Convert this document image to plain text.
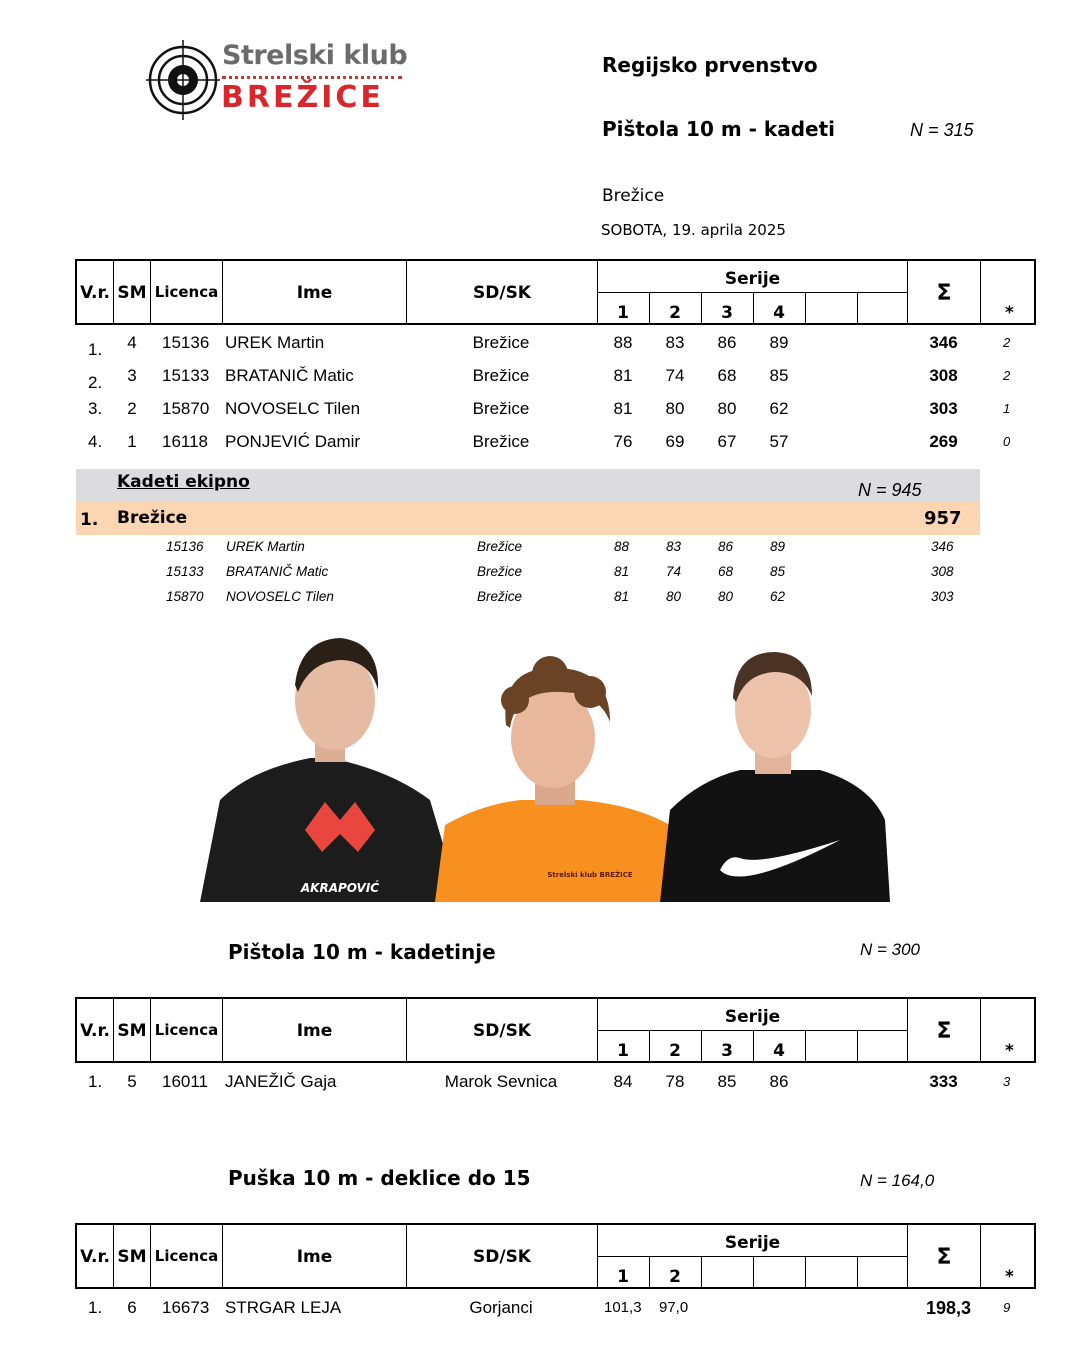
Strelski klub
BREŽICE
Regijsko prvenstvo
Pištola 10 m - kadeti	N = 315
Brežice
SOBOTA, 19. aprila 2025
V.r. SM Licenca	Ime	SD/SK
Serije
1	2	3	4
Σ
*
1.	4	15136 UREK Martin	Brežice	88	83	86	89	346	2
2.	3	15133 BRATANIČ Matic	Brežice	81	74	68	85	308	2
3.	2	15870 NOVOSELC Tilen	Brežice	81	80	80	62	303	1
4.	1	16118 PONJEVIĆ Damir	Brežice	76	69	67	57	269	0
Kadeti ekipno	N = 945
1. Brežice	957
15136 UREK Martin	Brežice	88	83	86	89	346
15133 BRATANIČ Matic	Brežice	81	74	68	85	308
15870 NOVOSELC Tilen	Brežice	81	80	80	62	303
AKRAPOVIĆ
Strelski klub BREŽICE
Pištola 10 m - kadetinje	N = 300
V.r. SM Licenca	Ime	SD/SK
Serije
1	2	3	4
Σ
*
1.	5	16011 JANEŽIČ Gaja	Marok Sevnica	84	78	85	86	333	3
Puška 10 m - deklice do 15	N = 164,0
V.r. SM Licenca	Ime	SD/SK
Serije
1	2
Σ
*
1.	6	16673 STRGAR LEJA	Gorjanci	101,3 97,0	198,3	9
